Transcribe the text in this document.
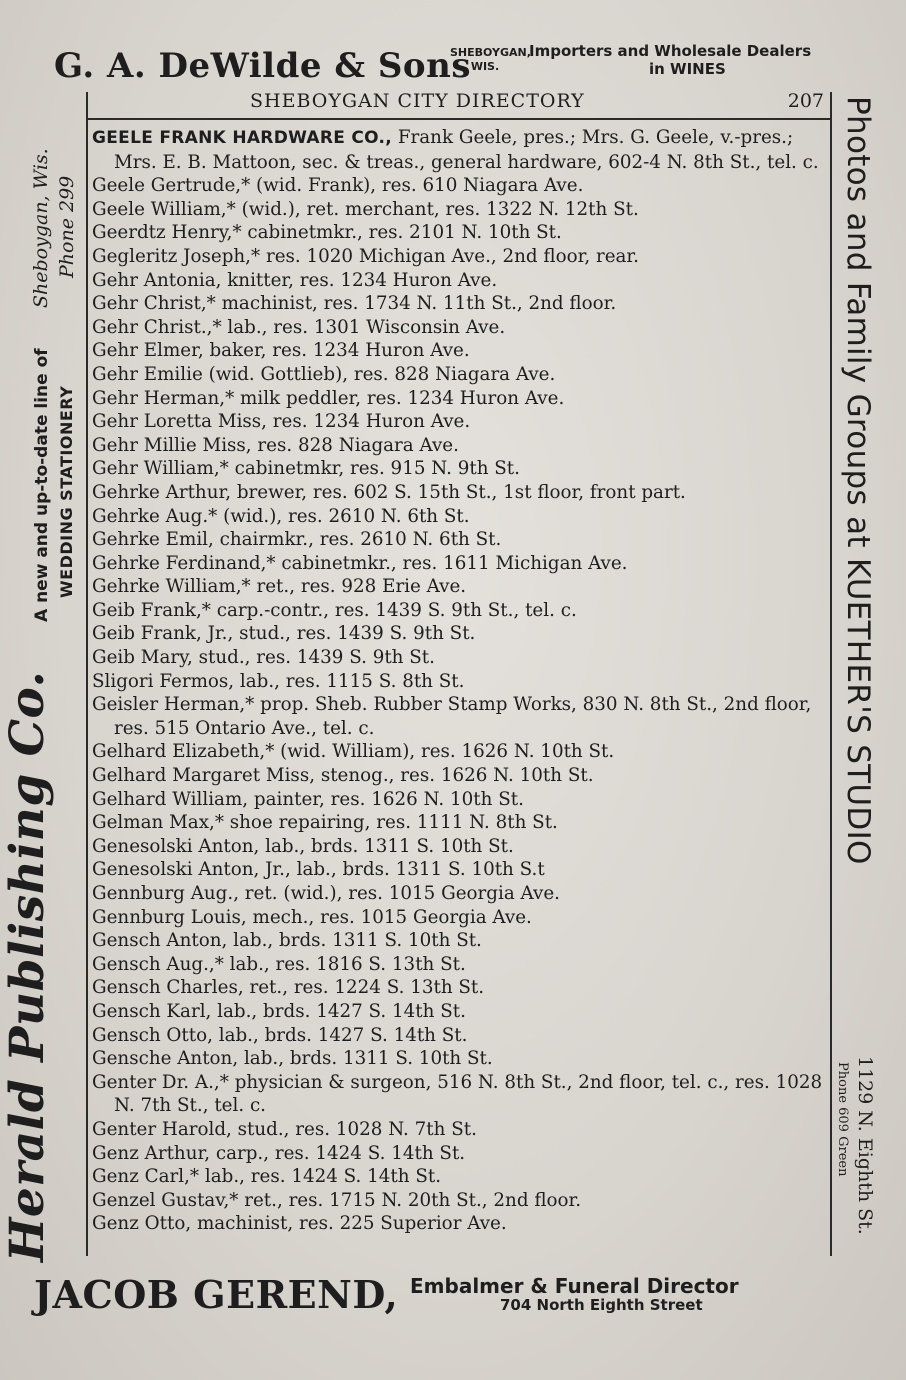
G. A. DeWilde & Sons
SHEBOYGAN,
WIS.
Importers and Wholesale Dealers
in WINES
Herald Publishing Co.
A new and up-to-date line of WEDDING STATIONERY
Sheboygan, Wis. Phone 299	Photos and Family Groups at KUETHER'S STUDIO
1129 N. Eighth St.
Phone 609 Green
SHEBOYGAN CITY DIRECTORY	207

GEELE FRANK HARDWARE CO., Frank Geele, pres.; Mrs. G. Geele, v.-pres.; Mrs. E. B. Mattoon, sec. & treas., general hardware, 602-4 N. 8th St., tel. c.

Geele Gertrude,* (wid. Frank), res. 610 Niagara Ave.

Geele William,* (wid.), ret. merchant, res. 1322 N. 12th St.

Geerdtz Henry,* cabinetmkr., res. 2101 N. 10th St.

Gegleritz Joseph,* res. 1020 Michigan Ave., 2nd floor, rear.

Gehr Antonia, knitter, res. 1234 Huron Ave.

Gehr Christ,* machinist, res. 1734 N. 11th St., 2nd floor.

Gehr Christ.,* lab., res. 1301 Wisconsin Ave.

Gehr Elmer, baker, res. 1234 Huron Ave.

Gehr Emilie (wid. Gottlieb), res. 828 Niagara Ave.

Gehr Herman,* milk peddler, res. 1234 Huron Ave.

Gehr Loretta Miss, res. 1234 Huron Ave.

Gehr Millie Miss, res. 828 Niagara Ave.

Gehr William,* cabinetmkr, res. 915 N. 9th St.

Gehrke Arthur, brewer, res. 602 S. 15th St., 1st floor, front part.

Gehrke Aug.* (wid.), res. 2610 N. 6th St.

Gehrke Emil, chairmkr., res. 2610 N. 6th St.

Gehrke Ferdinand,* cabinetmkr., res. 1611 Michigan Ave.

Gehrke William,* ret., res. 928 Erie Ave.

Geib Frank,* carp.-contr., res. 1439 S. 9th St., tel. c.

Geib Frank, Jr., stud., res. 1439 S. 9th St.

Geib Mary, stud., res. 1439 S. 9th St.

Sligori Fermos, lab., res. 1115 S. 8th St.

Geisler Herman,* prop. Sheb. Rubber Stamp Works, 830 N. 8th St., 2nd floor, res. 515 Ontario Ave., tel. c.

Gelhard Elizabeth,* (wid. William), res. 1626 N. 10th St.

Gelhard Margaret Miss, stenog., res. 1626 N. 10th St.

Gelhard William, painter, res. 1626 N. 10th St.

Gelman Max,* shoe repairing, res. 1111 N. 8th St.

Genesolski Anton, lab., brds. 1311 S. 10th St.

Genesolski Anton, Jr., lab., brds. 1311 S. 10th S.t

Gennburg Aug., ret. (wid.), res. 1015 Georgia Ave.

Gennburg Louis, mech., res. 1015 Georgia Ave.

Gensch Anton, lab., brds. 1311 S. 10th St.

Gensch Aug.,* lab., res. 1816 S. 13th St.

Gensch Charles, ret., res. 1224 S. 13th St.

Gensch Karl, lab., brds. 1427 S. 14th St.

Gensch Otto, lab., brds. 1427 S. 14th St.

Gensche Anton, lab., brds. 1311 S. 10th St.

Genter Dr. A.,* physician & surgeon, 516 N. 8th St., 2nd floor, tel. c., res. 1028 N. 7th St., tel. c.

Genter Harold, stud., res. 1028 N. 7th St.

Genz Arthur, carp., res. 1424 S. 14th St.

Genz Carl,* lab., res. 1424 S. 14th St.

Genzel Gustav,* ret., res. 1715 N. 20th St., 2nd floor.

Genz Otto, machinist, res. 225 Superior Ave.

JACOB GEREND, Embalmer & Funeral Director
704 North Eighth Street
